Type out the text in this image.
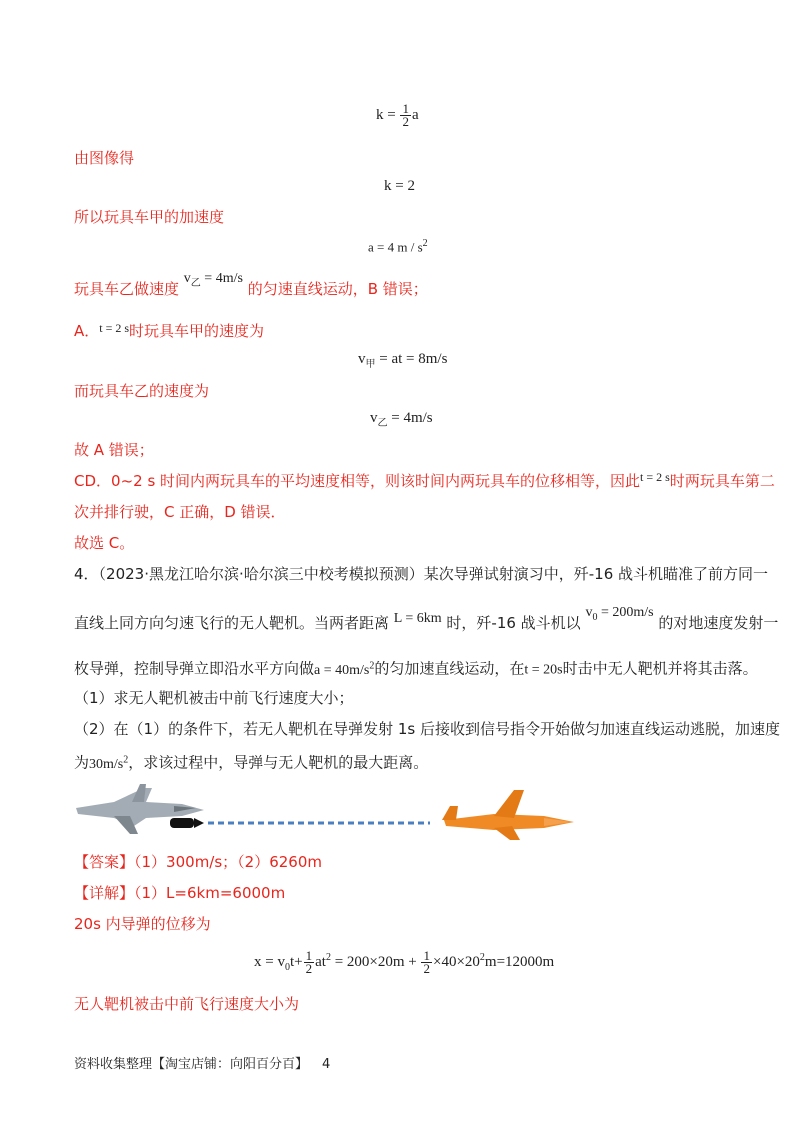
$k = \frac{1}{2}$ a
由图像得
k = 2
所以玩具车甲的加速度
a = 4 m / $s^2$
玩具车乙做速度 $v_乙 = 4m/s$ 的匀速直线运动，B 错误；
A．$^{t = 2 s}$时玩具车甲的速度为
$v_甲$ = at = 8m/s
而玩具车乙的速度为
$v_乙 = 4m/s$
故 A 错误；
CD．0~2 s 时间内两玩具车的平均速度相等，则该时间内两玩具车的位移相等，因此$^{t = 2 s}$时两玩具车第二
次并排行驶，C 正确，D 错误．
故选 C。
4．（2023·黑龙江哈尔滨·哈尔滨三中校考模拟预测）某次导弹试射演习中，歼-16 战斗机瞄准了前方同一
直线上同方向匀速飞行的无人靶机。当两者距离 L = 6km 时，歼-16 战斗机以 $v_0 = 200m/s$ 的对地速度发射一
枚导弹，控制导弹立即沿水平方向做$a = 40m/s^2$的匀加速直线运动，在t = 20s时击中无人靶机并将其击落。
（1）求无人靶机被击中前飞行速度大小；
（2）在（1）的条件下，若无人靶机在导弹发射 1s 后接收到信号指令开始做匀加速直线运动逃脱，加速度
为$30m/s^2$，求该过程中，导弹与无人靶机的最大距离。
【答案】（1）300m/s；（2）6260m
【详解】（1）L=6km=6000m
20s 内导弹的位移为
$x = v_0t+ \frac{1}{2} at^2 = 200\times 20m + \frac{1}{2} \times 40\times 20^2m=12000m$
无人靶机被击中前飞行速度大小为
资料收集整理【淘宝店铺：向阳百分百】 4
